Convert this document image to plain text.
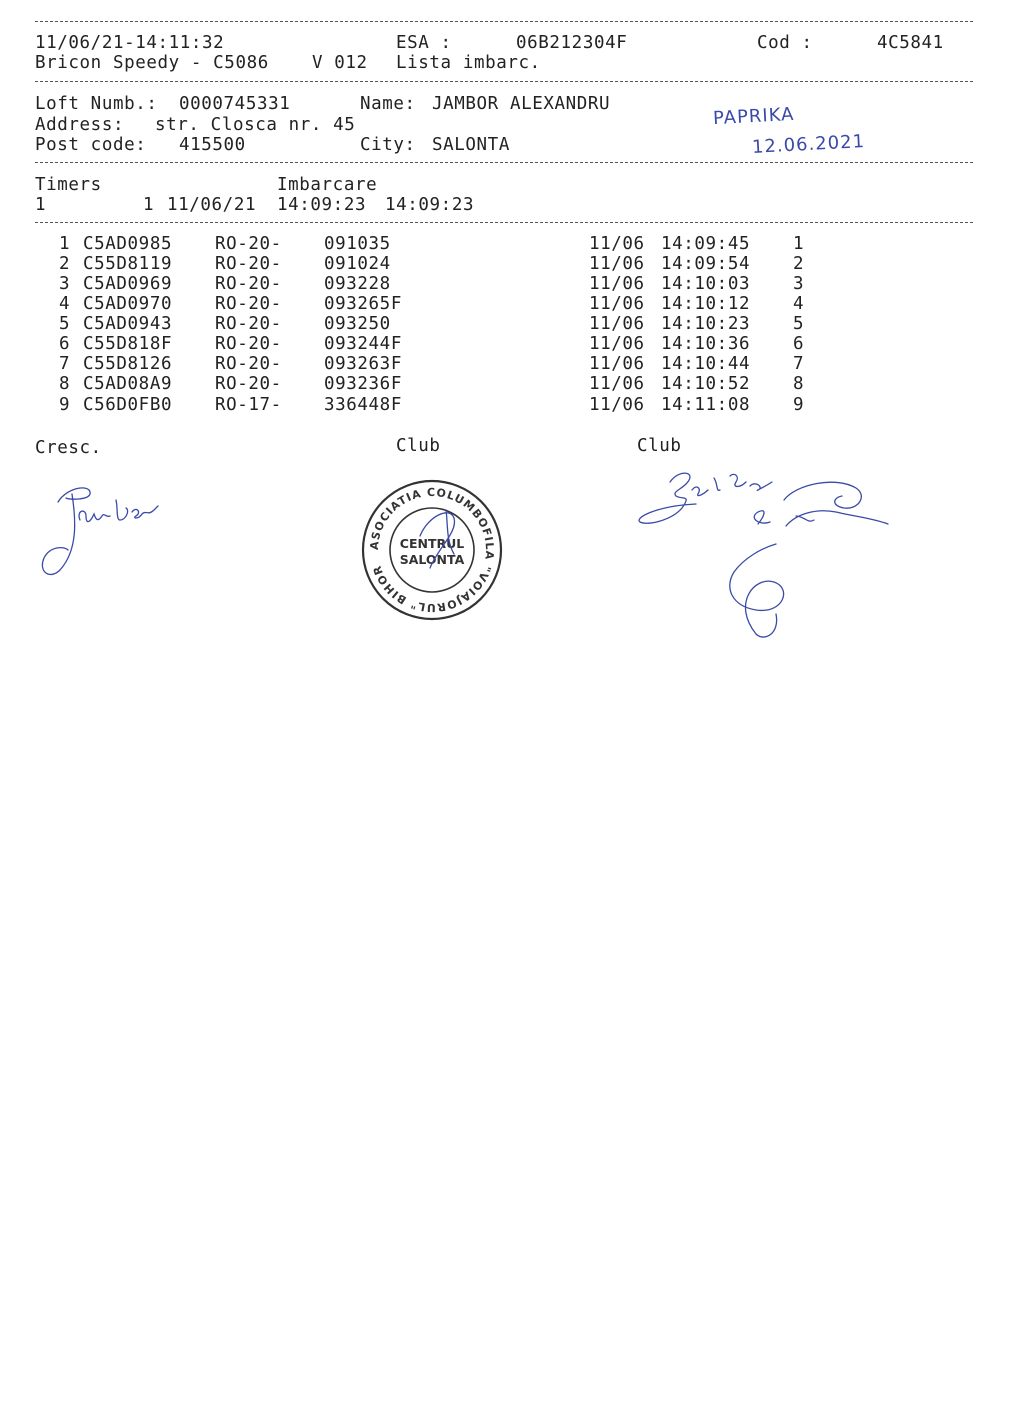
11/06/21-14:11:32	ESA :	06B212304F	Cod :	4C5841
Bricon Speedy - C5086 V 012 Lista imbarc.
Loft Numb.: 0000745331	Name: JAMBOR ALEXANDRU
Address: str. Closca nr. 45
Post code: 415500	City: SALONTA
PAPRIKA
12.06.2021
Timers	Imbarcare
1	1 11/06/21 14:09:23 14:09:23
1 C5AD0985 RO-20- 091035	11/06 14:09:45 1
2 C55D8119 RO-20- 091024	11/06 14:09:54 2
3 C5AD0969 RO-20- 093228	11/06 14:10:03 3
4 C5AD0970 RO-20- 093265F	11/06 14:10:12 4
5 C5AD0943 RO-20- 093250	11/06 14:10:23 5
6 C55D818F RO-20- 093244F	11/06 14:10:36 6
7 C55D8126 RO-20- 093263F	11/06 14:10:44 7
8 C5AD08A9 RO-20- 093236F	11/06 14:10:52 8
9 C56D0FB0 RO-17- 336448F	11/06 14:11:08 9
Cresc.	Club	Club
ASOCIATIA COLUMBOFILA "VOIAJORUL" BIHOR
CENTRUL
SALONTA
